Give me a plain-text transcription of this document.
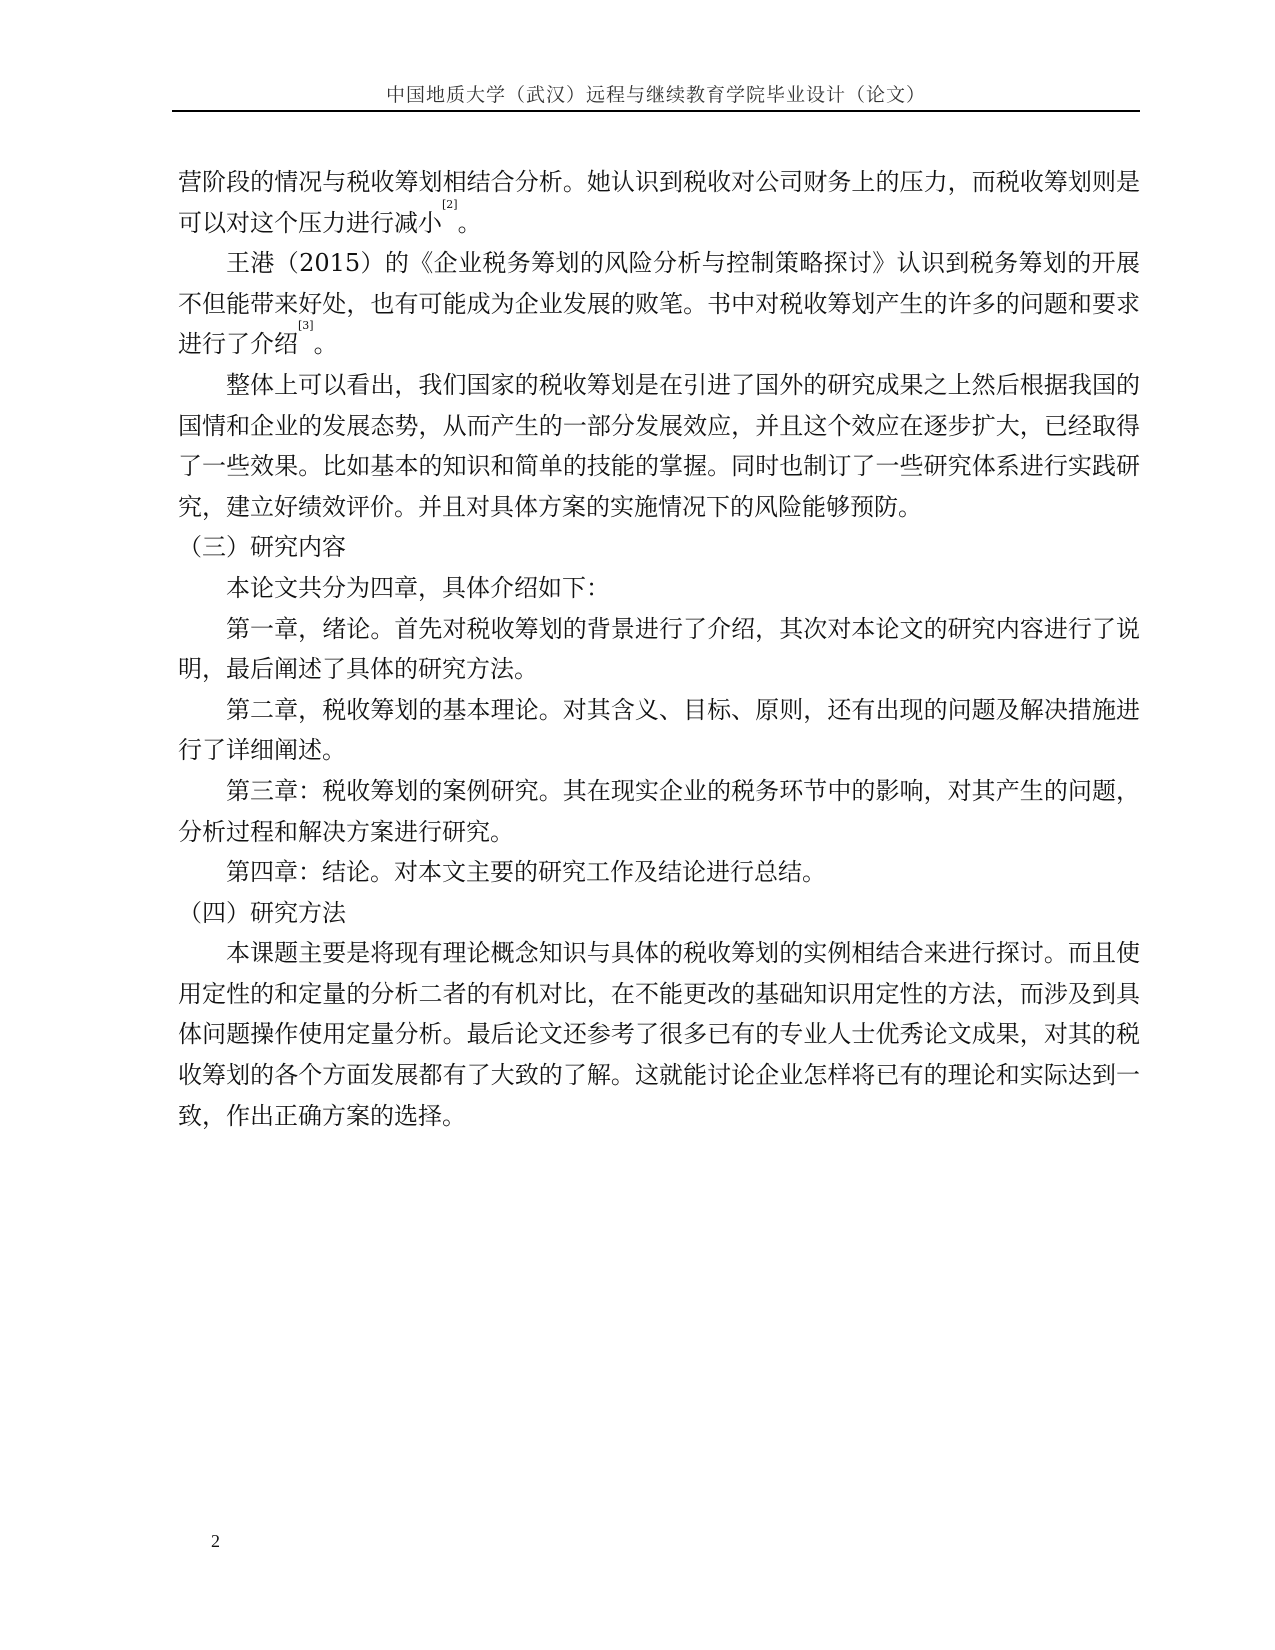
中国地质大学（武汉）远程与继续教育学院毕业设计（论文）

营阶段的情况与税收筹划相结合分析。她认识到税收对公司财务上的压力，而税收筹划则是可以对这个压力进行减小[2]。

王港（2015）的《企业税务筹划的风险分析与控制策略探讨》认识到税务筹划的开展不但能带来好处，也有可能成为企业发展的败笔。书中对税收筹划产生的许多的问题和要求进行了介绍[3]。

整体上可以看出，我们国家的税收筹划是在引进了国外的研究成果之上然后根据我国的国情和企业的发展态势，从而产生的一部分发展效应，并且这个效应在逐步扩大，已经取得了一些效果。比如基本的知识和简单的技能的掌握。同时也制订了一些研究体系进行实践研究，建立好绩效评价。并且对具体方案的实施情况下的风险能够预防。

（三）研究内容

本论文共分为四章，具体介绍如下：

第一章，绪论。首先对税收筹划的背景进行了介绍，其次对本论文的研究内容进行了说明，最后阐述了具体的研究方法。

第二章，税收筹划的基本理论。对其含义、目标、原则，还有出现的问题及解决措施进行了详细阐述。

第三章：税收筹划的案例研究。其在现实企业的税务环节中的影响，对其产生的问题，分析过程和解决方案进行研究。

第四章：结论。对本文主要的研究工作及结论进行总结。

（四）研究方法

本课题主要是将现有理论概念知识与具体的税收筹划的实例相结合来进行探讨。而且使用定性的和定量的分析二者的有机对比，在不能更改的基础知识用定性的方法，而涉及到具体问题操作使用定量分析。最后论文还参考了很多已有的专业人士优秀论文成果，对其的税收筹划的各个方面发展都有了大致的了解。这就能讨论企业怎样将已有的理论和实际达到一致，作出正确方案的选择。

2
